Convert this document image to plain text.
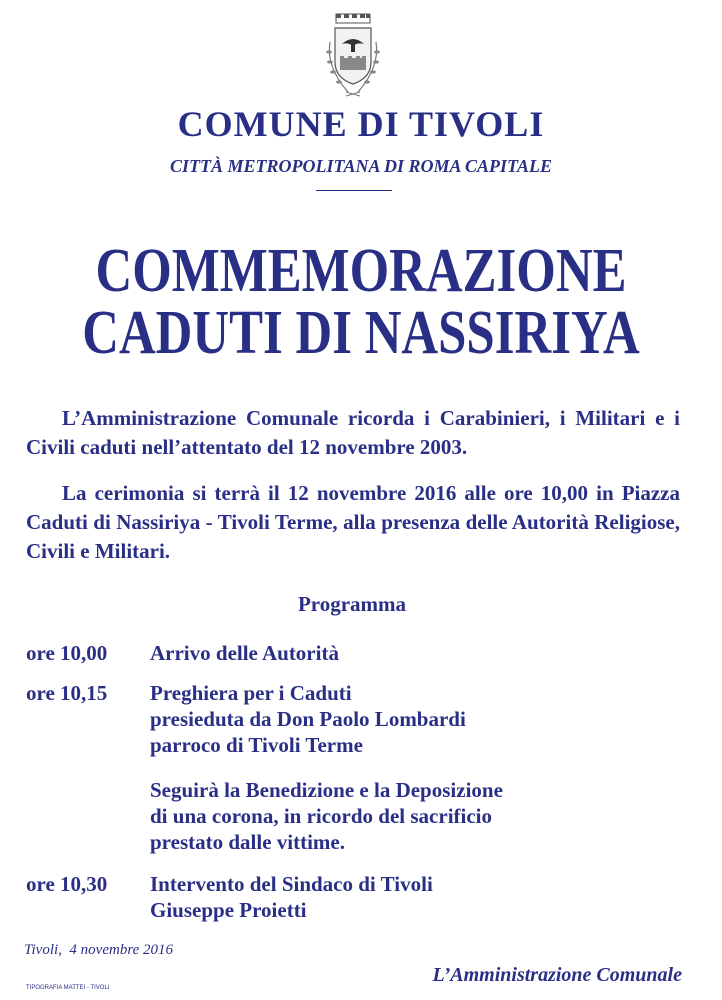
COMUNE DI TIVOLI
CITTÀ METROPOLITANA DI ROMA CAPITALE
COMMEMORAZIONE
CADUTI DI NASSIRIYA
L’Amministrazione Comunale ricorda i Carabinieri, i Militari e i Civili caduti nell’attentato del 12 novembre 2003.
La cerimonia si terrà il 12 novembre 2016 alle ore 10,00 in Piazza Caduti di Nassiriya - Tivoli Terme, alla presenza delle Autorità Religiose, Civili e Militari.
Programma
ore 10,00 Arrivo delle Autorità
ore 10,15 Preghiera per i Caduti
presieduta da Don Paolo Lombardi
parroco di Tivoli Terme
Seguirà la Benedizione e la Deposizione
di una corona, in ricordo del sacrificio
prestato dalle vittime.
ore 10,30 Intervento del Sindaco di Tivoli
Giuseppe Proietti
Tivoli,  4 novembre 2016
L’Amministrazione Comunale
TIPOGRAFIA MATTEI - TIVOLI
